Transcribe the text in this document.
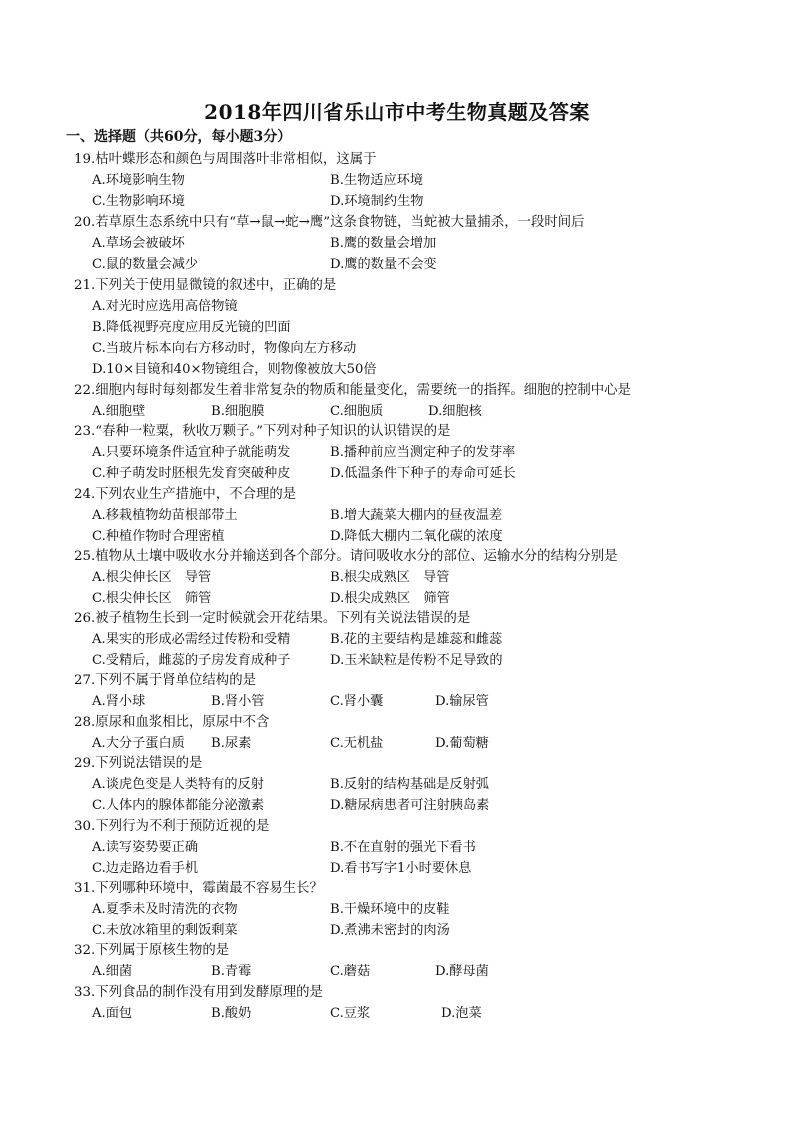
2018年四川省乐山市中考生物真题及答案
一、选择题（共60分，每小题3分）
19.枯叶蝶形态和颜色与周围落叶非常相似，这属于
A.环境影响生物	B.生物适应环境
C.生物影响环境	D.环境制约生物
20.若草原生态系统中只有“草→鼠→蛇→鹰”这条食物链，当蛇被大量捕杀，一段时间后
A.草场会被破坏	B.鹰的数量会增加
C.鼠的数量会减少	D.鹰的数量不会变
21.下列关于使用显微镜的叙述中，正确的是
A.对光时应选用高倍物镜
B.降低视野亮度应用反光镜的凹面
C.当玻片标本向右方移动时，物像向左方移动
D.10×目镜和40×物镜组合，则物像被放大50倍
22.细胞内每时每刻都发生着非常复杂的物质和能量变化，需要统一的指挥。细胞的控制中心是
A.细胞壁	B.细胞膜	C.细胞质	D.细胞核
23.“春种一粒粟，秋收万颗子。”下列对种子知识的认识错误的是
A.只要环境条件适宜种子就能萌发	B.播种前应当测定种子的发芽率
C.种子萌发时胚根先发育突破种皮	D.低温条件下种子的寿命可延长
24.下列农业生产措施中，不合理的是
A.移栽植物幼苗根部带土	B.增大蔬菜大棚内的昼夜温差
C.种植作物时合理密植	D.降低大棚内二氧化碳的浓度
25.植物从土壤中吸收水分并输送到各个部分。请问吸收水分的部位、运输水分的结构分别是
A.根尖伸长区　导管	B.根尖成熟区　导管
C.根尖伸长区　筛管	D.根尖成熟区　筛管
26.被子植物生长到一定时候就会开花结果。下列有关说法错误的是
A.果实的形成必需经过传粉和受精	B.花的主要结构是雄蕊和雌蕊
C.受精后，雌蕊的子房发育成种子	D.玉米缺粒是传粉不足导致的
27.下列不属于肾单位结构的是
A.肾小球	B.肾小管	C.肾小囊	D.输尿管
28.原尿和血浆相比，原尿中不含
A.大分子蛋白质 B.尿素	C.无机盐	D.葡萄糖
29.下列说法错误的是
A.谈虎色变是人类特有的反射	B.反射的结构基础是反射弧
C.人体内的腺体都能分泌激素	D.糖尿病患者可注射胰岛素
30.下列行为不利于预防近视的是
A.读写姿势要正确	B.不在直射的强光下看书
C.边走路边看手机	D.看书写字1小时要休息
31.下列哪种环境中，霉菌最不容易生长？
A.夏季未及时清洗的衣物	B.干燥环境中的皮鞋
C.未放冰箱里的剩饭剩菜	D.煮沸未密封的肉汤
32.下列属于原核生物的是
A.细菌	B.青霉	C.蘑菇	D.酵母菌
33.下列食品的制作没有用到发酵原理的是
A.面包	B.酸奶	C.豆浆	D.泡菜
